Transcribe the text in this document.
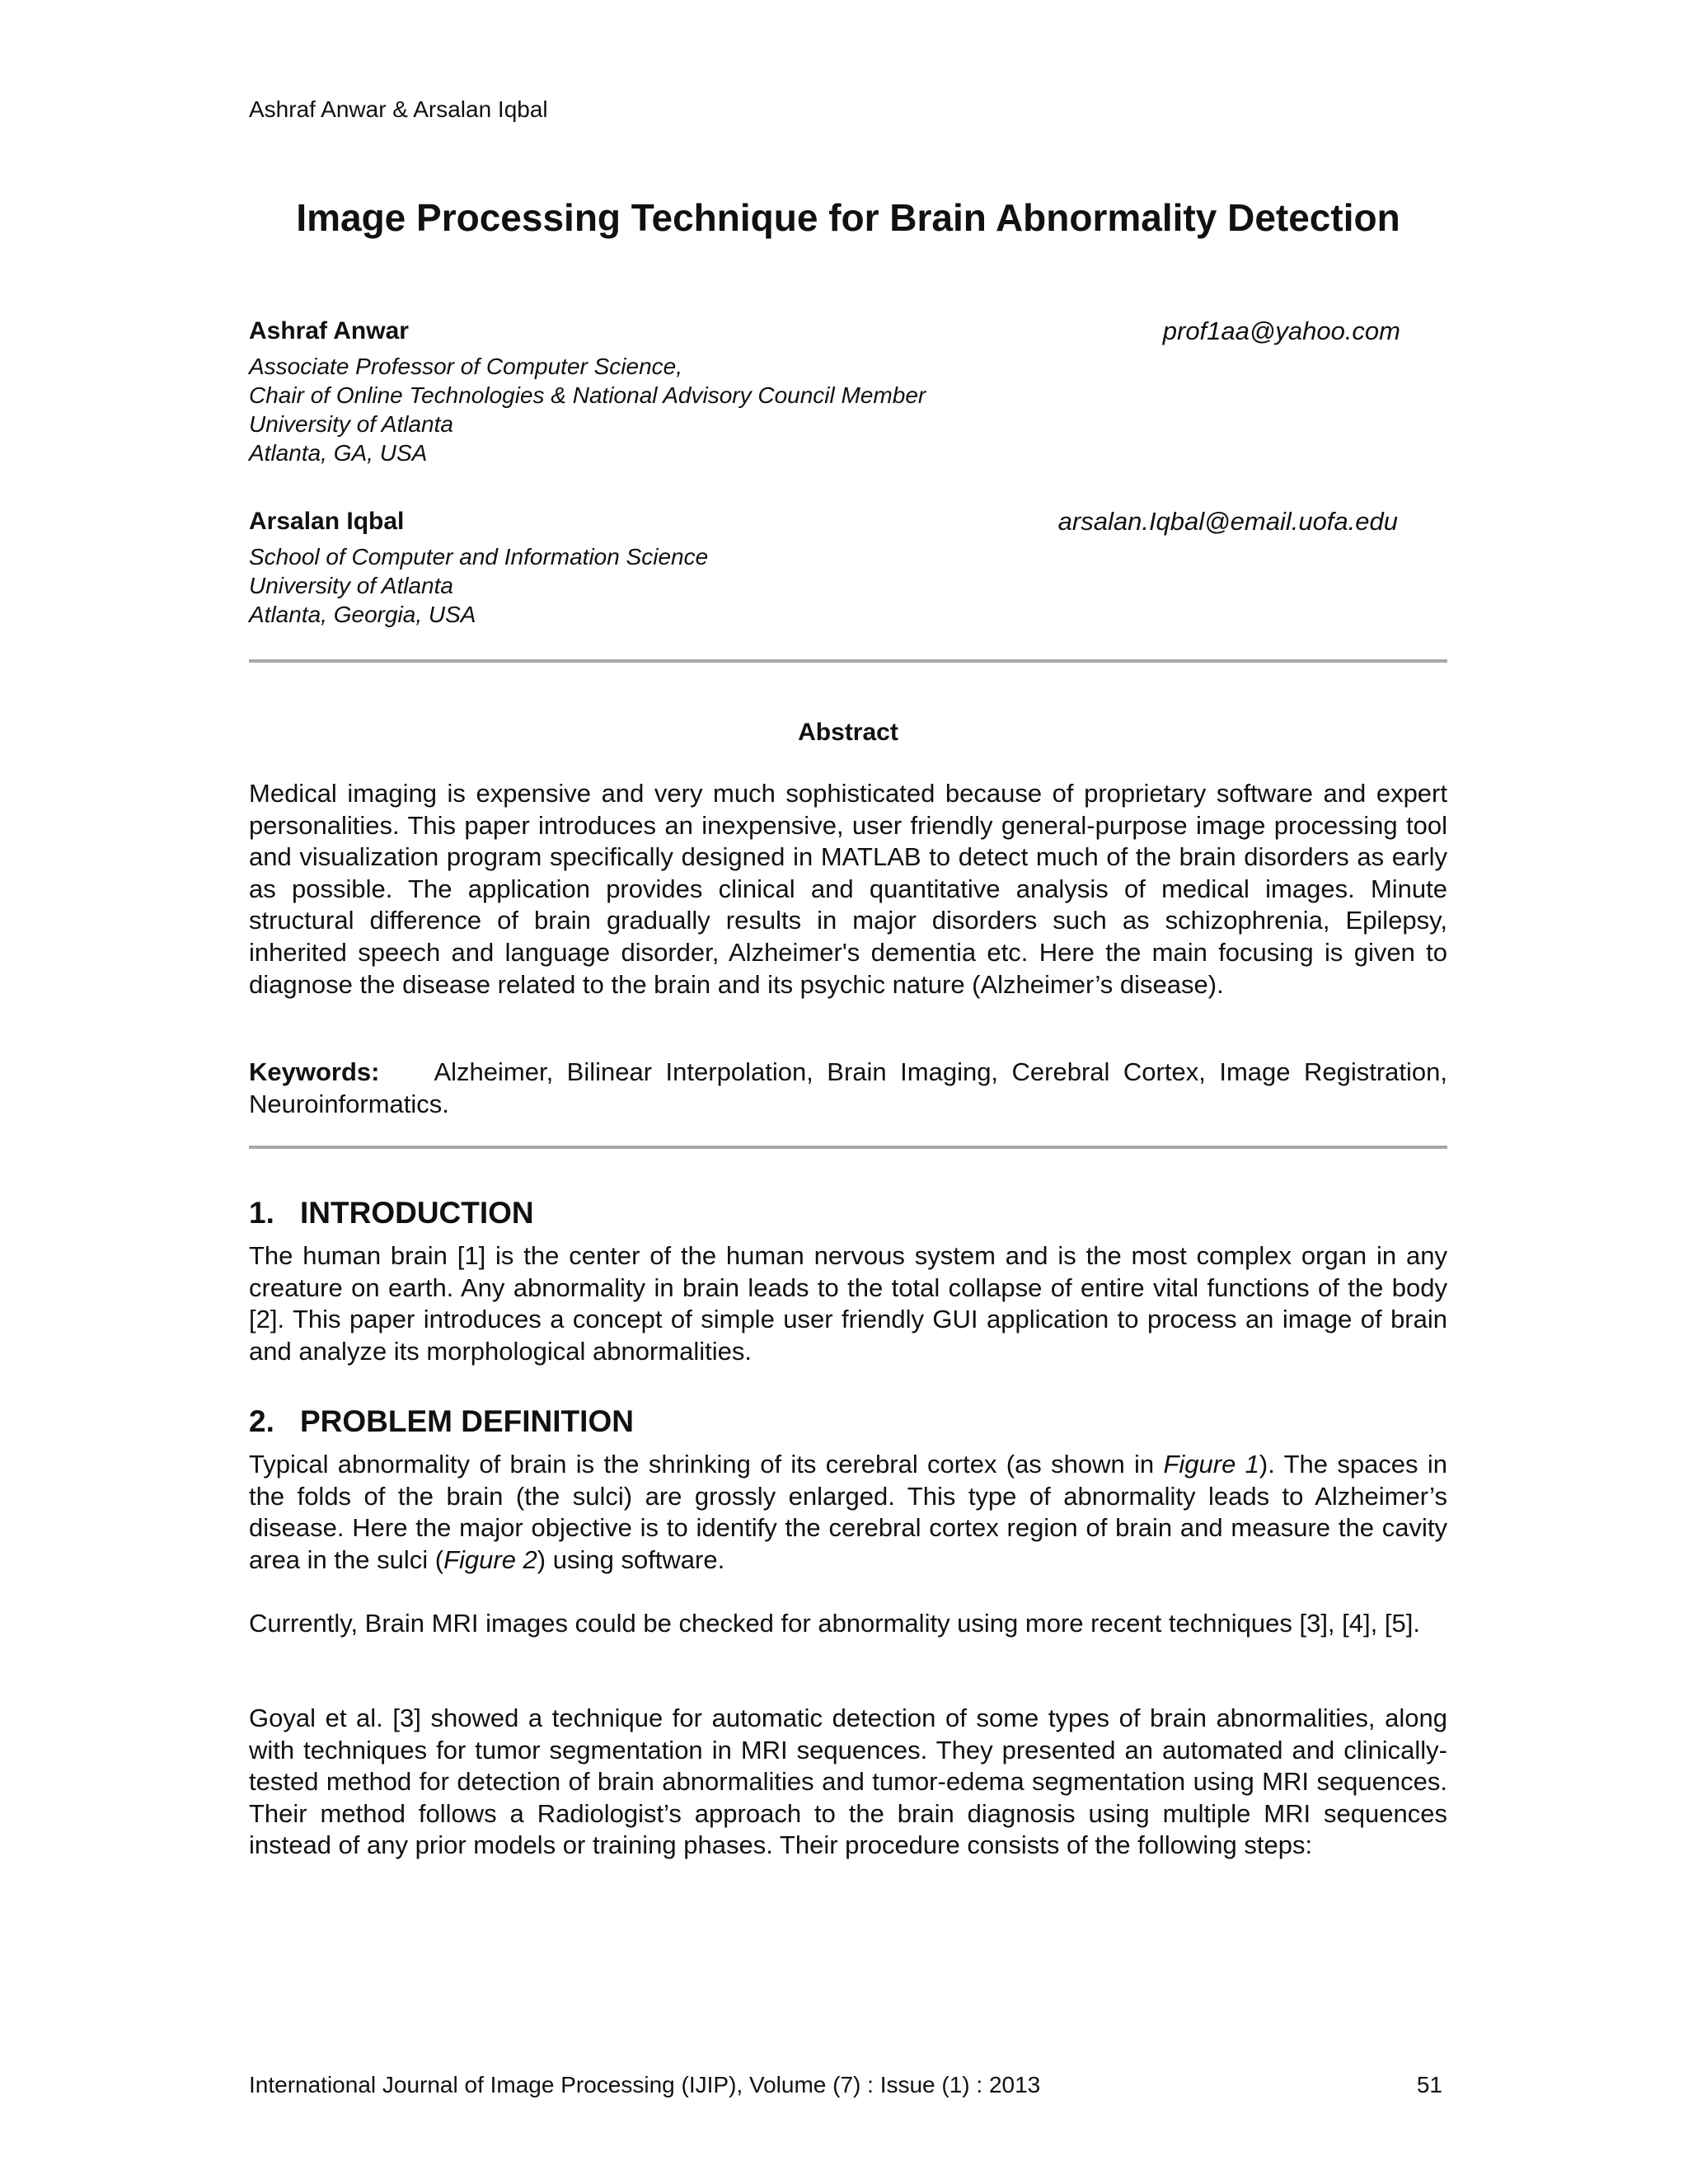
Ashraf Anwar & Arsalan Iqbal
Image Processing Technique for Brain Abnormality Detection
Ashraf Anwar	prof1aa@yahoo.com
Associate Professor of Computer Science,
Chair of Online Technologies & National Advisory Council Member
University of Atlanta
Atlanta, GA, USA
Arsalan Iqbal	arsalan.Iqbal@email.uofa.edu
School of Computer and Information Science
University of Atlanta
Atlanta, Georgia, USA
Abstract

Medical imaging is expensive and very much sophisticated because of proprietary software and expert personalities. This paper introduces an inexpensive, user friendly general-purpose image processing tool and visualization program specifically designed in MATLAB to detect much of the brain disorders as early as possible. The application provides clinical and quantitative analysis of medical images. Minute structural difference of brain gradually results in major disorders such as schizophrenia, Epilepsy, inherited speech and language disorder, Alzheimer's dementia etc. Here the main focusing is given to diagnose the disease related to the brain and its psychic nature (Alzheimer’s disease).

Keywords: Alzheimer, Bilinear Interpolation, Brain Imaging, Cerebral Cortex, Image Registration, Neuroinformatics.

1. INTRODUCTION

The human brain [1] is the center of the human nervous system and is the most complex organ in any creature on earth. Any abnormality in brain leads to the total collapse of entire vital functions of the body [2]. This paper introduces a concept of simple user friendly GUI application to process an image of brain and analyze its morphological abnormalities.

2. PROBLEM DEFINITION

Typical abnormality of brain is the shrinking of its cerebral cortex (as shown in Figure 1). The spaces in the folds of the brain (the sulci) are grossly enlarged. This type of abnormality leads to Alzheimer’s disease. Here the major objective is to identify the cerebral cortex region of brain and measure the cavity area in the sulci (Figure 2) using software.

Currently, Brain MRI images could be checked for abnormality using more recent techniques [3], [4], [5].

Goyal et al. [3] showed a technique for automatic detection of some types of brain abnormalities, along with techniques for tumor segmentation in MRI sequences. They presented an automated and clinically-tested method for detection of brain abnormalities and tumor-edema segmentation using MRI sequences. Their method follows a Radiologist’s approach to the brain diagnosis using multiple MRI sequences instead of any prior models or training phases. Their procedure consists of the following steps:

International Journal of Image Processing (IJIP), Volume (7) : Issue (1) : 2013	51
